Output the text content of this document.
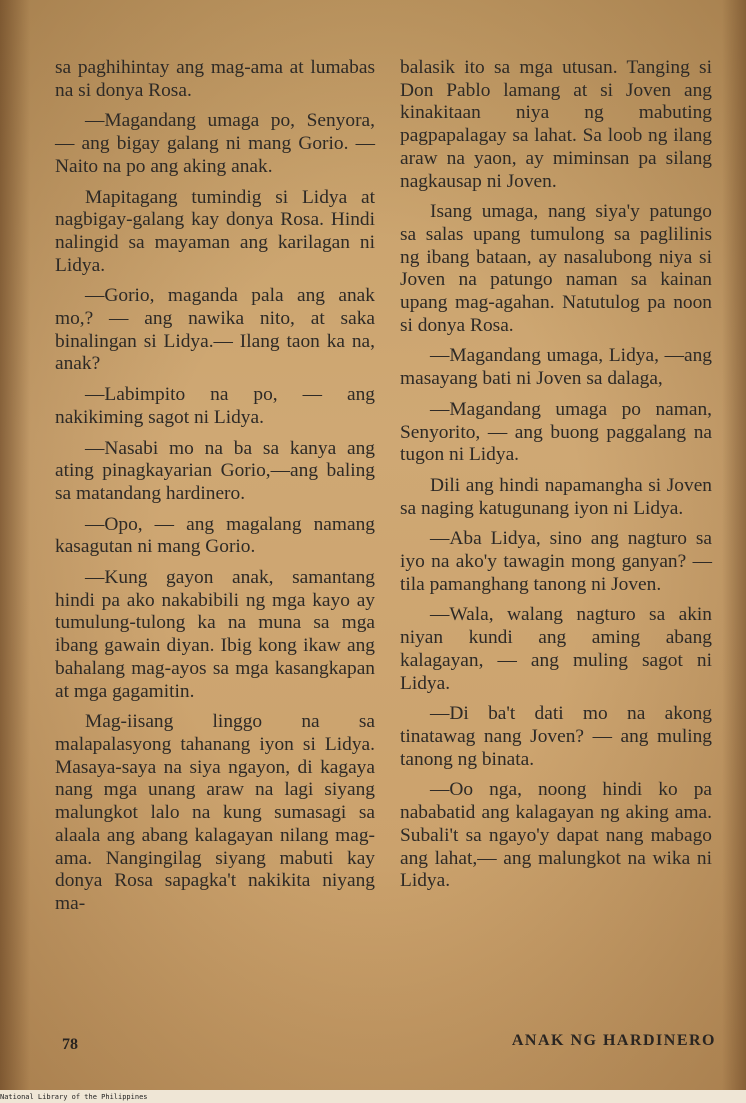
sa paghihintay ang mag-ama at lumabas na si donya Rosa.

—Magandang umaga po, Senyora, — ang bigay galang ni mang Gorio. — Naito na po ang aking anak.

Mapitagang tumindig si Lidya at nagbigay-galang kay donya Rosa. Hindi nalingid sa mayaman ang karilagan ni Lidya.

—Gorio, maganda pala ang anak mo,? — ang nawika nito, at saka binalingan si Lidya.— Ilang taon ka na, anak?

—Labimpito na po, — ang nakikiming sagot ni Lidya.

—Nasabi mo na ba sa kanya ang ating pinagkayarian Gorio,—ang baling sa matandang hardinero.

—Opo, — ang magalang namang kasagutan ni mang Gorio.

—Kung gayon anak, samantang hindi pa ako nakabibili ng mga kayo ay tumulung-tulong ka na muna sa mga ibang gawain diyan. Ibig kong ikaw ang bahalang mag-ayos sa mga kasangkapan at mga gagamitin.

Mag-iisang linggo na sa malapalasyong tahanang iyon si Lidya. Masaya-saya na siya ngayon, di kagaya nang mga unang araw na lagi siyang malungkot lalo na kung sumasagi sa alaala ang abang kalagayan nilang mag-ama. Nangingilag siyang mabuti kay donya Rosa sapagka't nakikita niyang ma-

balasik ito sa mga utusan. Tanging si Don Pablo lamang at si Joven ang kinakitaan niya ng mabuting pagpapalagay sa lahat. Sa loob ng ilang araw na yaon, ay miminsan pa silang nagkausap ni Joven.

Isang umaga, nang siya'y patungo sa salas upang tumulong sa paglilinis ng ibang bataan, ay nasalubong niya si Joven na patungo naman sa kainan upang mag-agahan. Natutulog pa noon si donya Rosa.

—Magandang umaga, Lidya, —ang masayang bati ni Joven sa dalaga,

—Magandang umaga po naman, Senyorito, — ang buong paggalang na tugon ni Lidya.

Dili ang hindi napamangha si Joven sa naging katugunang iyon ni Lidya.

—Aba Lidya, sino ang nagturo sa iyo na ako'y tawagin mong ganyan? — tila pamanghang tanong ni Joven.

—Wala, walang nagturo sa akin niyan kundi ang aming abang kalagayan, — ang muling sagot ni Lidya.

—Di ba't dati mo na akong tinatawag nang Joven? — ang muling tanong ng binata.

—Oo nga, noong hindi ko pa nababatid ang kalagayan ng aking ama. Subali't sa ngayo'y dapat nang mabago ang lahat,— ang malungkot na wika ni Lidya.

78	ANAK NG HARDINERO
National Library of the Philippines
